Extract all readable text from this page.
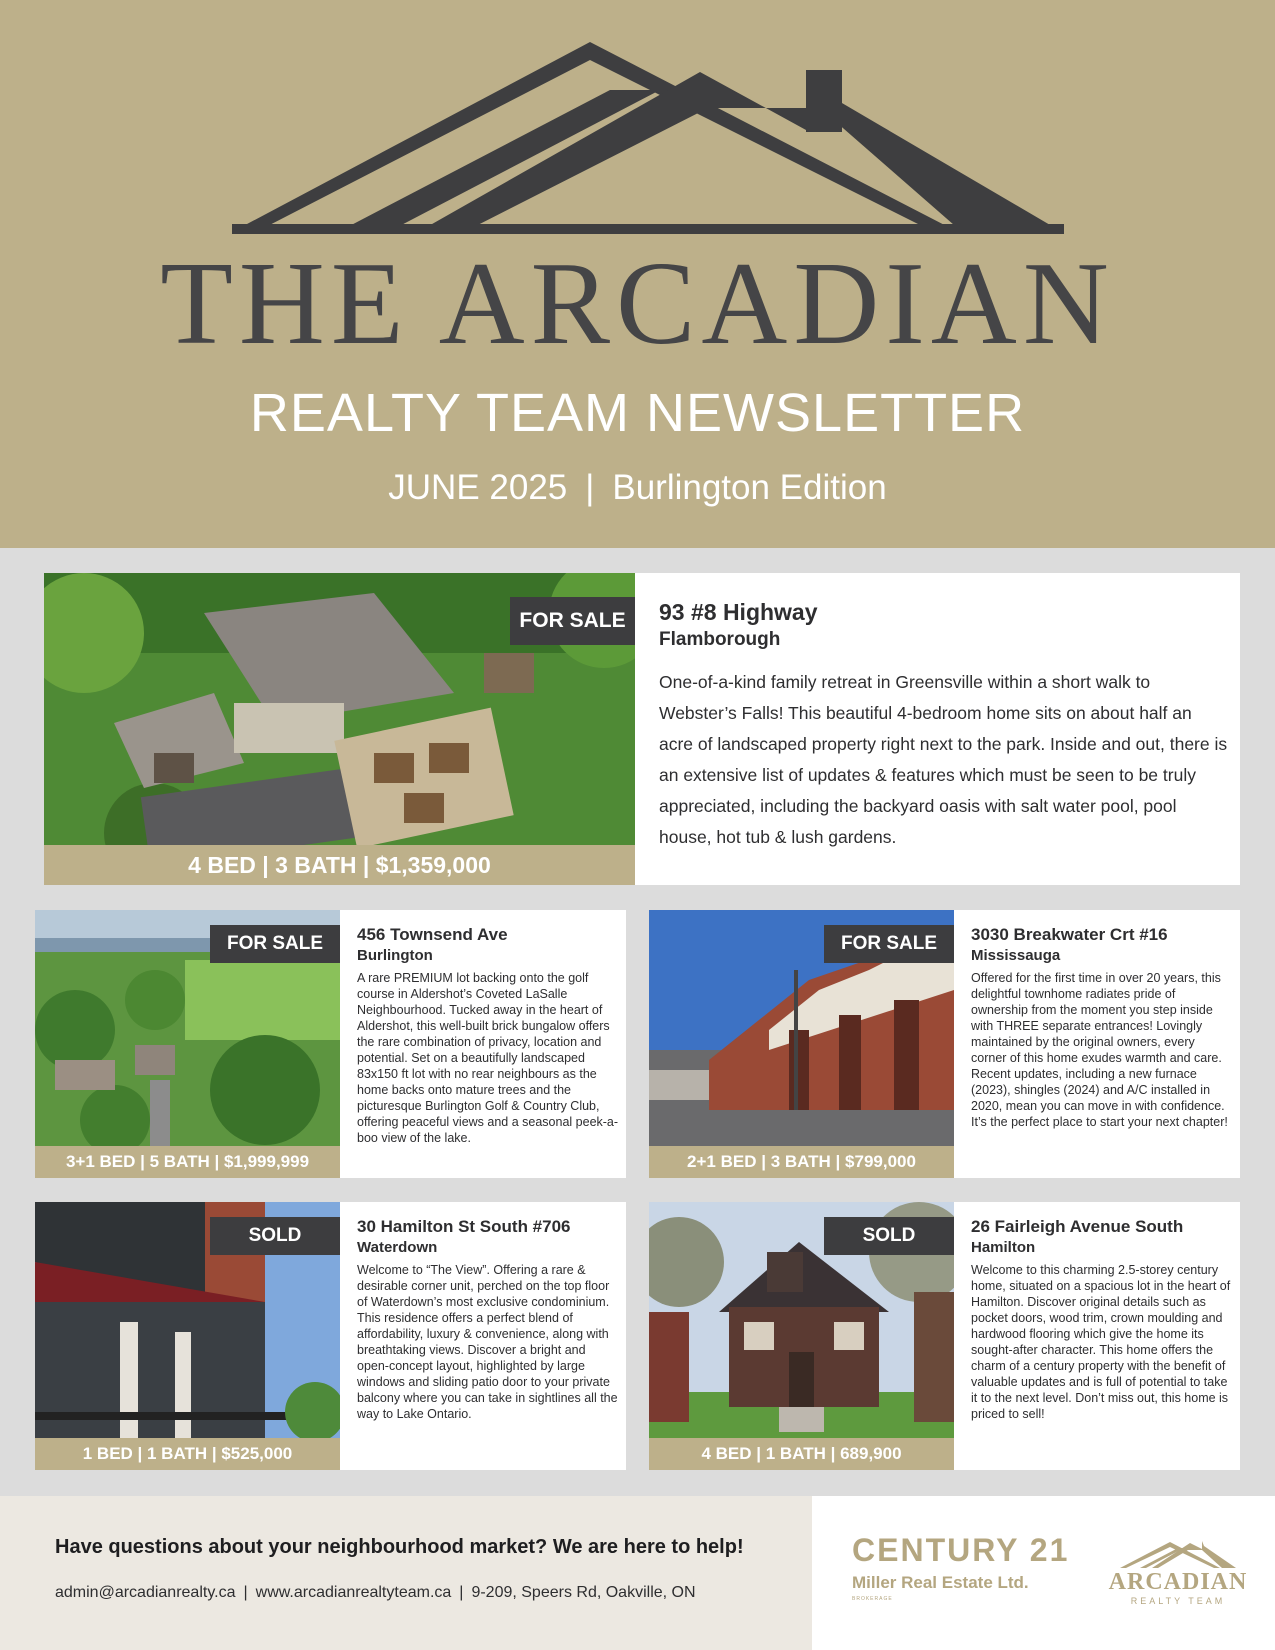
THE ARCADIAN
REALTY TEAM NEWSLETTER
JUNE 2025 | Burlington Edition
FOR SALE
4 BED | 3 BATH | $1,359,000
93 #8 Highway
Flamborough
One-of-a-kind family retreat in Greensville within a short walk to Webster’s Falls! This beautiful 4-bedroom home sits on about half an acre of landscaped property right next to the park. Inside and out, there is an extensive list of updates & features which must be seen to be truly appreciated, including the backyard oasis with salt water pool, pool house, hot tub & lush gardens.
FOR SALE
3+1 BED | 5 BATH | $1,999,999
456 Townsend Ave
Burlington
A rare PREMIUM lot backing onto the golf course in Aldershot’s Coveted LaSalle Neighbourhood. Tucked away in the heart of Aldershot, this well-built brick bungalow offers the rare combination of privacy, location and potential. Set on a beautifully landscaped 83x150 ft lot with no rear neighbours as the home backs onto mature trees and the picturesque Burlington Golf & Country Club, offering peaceful views and a seasonal peek-a-boo view of the lake.
FOR SALE
2+1 BED | 3 BATH | $799,000
3030 Breakwater Crt #16
Mississauga
Offered for the first time in over 20 years, this delightful townhome radiates pride of ownership from the moment you step inside with THREE separate entrances! Lovingly maintained by the original owners, every corner of this home exudes warmth and care. Recent updates, including a new furnace (2023), shingles (2024) and A/C installed in 2020, mean you can move in with confidence. It’s the perfect place to start your next chapter!
SOLD
1 BED | 1 BATH | $525,000
30 Hamilton St South #706
Waterdown
Welcome to “The View”. Offering a rare & desirable corner unit, perched on the top floor of Waterdown’s most exclusive condominium. This residence offers a perfect blend of affordability, luxury & convenience, along with breathtaking views. Discover a bright and open-concept layout, highlighted by large windows and sliding patio door to your private balcony where you can take in sightlines all the way to Lake Ontario.
SOLD
4 BED | 1 BATH | 689,900
26 Fairleigh Avenue South
Hamilton
Welcome to this charming 2.5-storey century home, situated on a spacious lot in the heart of Hamilton. Discover original details such as pocket doors, wood trim, crown moulding and hardwood flooring which give the home its sought-after character. This home offers the charm of a century property with the benefit of valuable updates and is full of potential to take it to the next level. Don’t miss out, this home is priced to sell!
Have questions about your neighbourhood market? We are here to help!
admin@arcadianrealty.ca | www.arcadianrealtyteam.ca | 9-209, Speers Rd, Oakville, ON
CENTURY 21
Miller Real Estate Ltd.
BROKERAGE
ARCADIAN
REALTY TEAM
